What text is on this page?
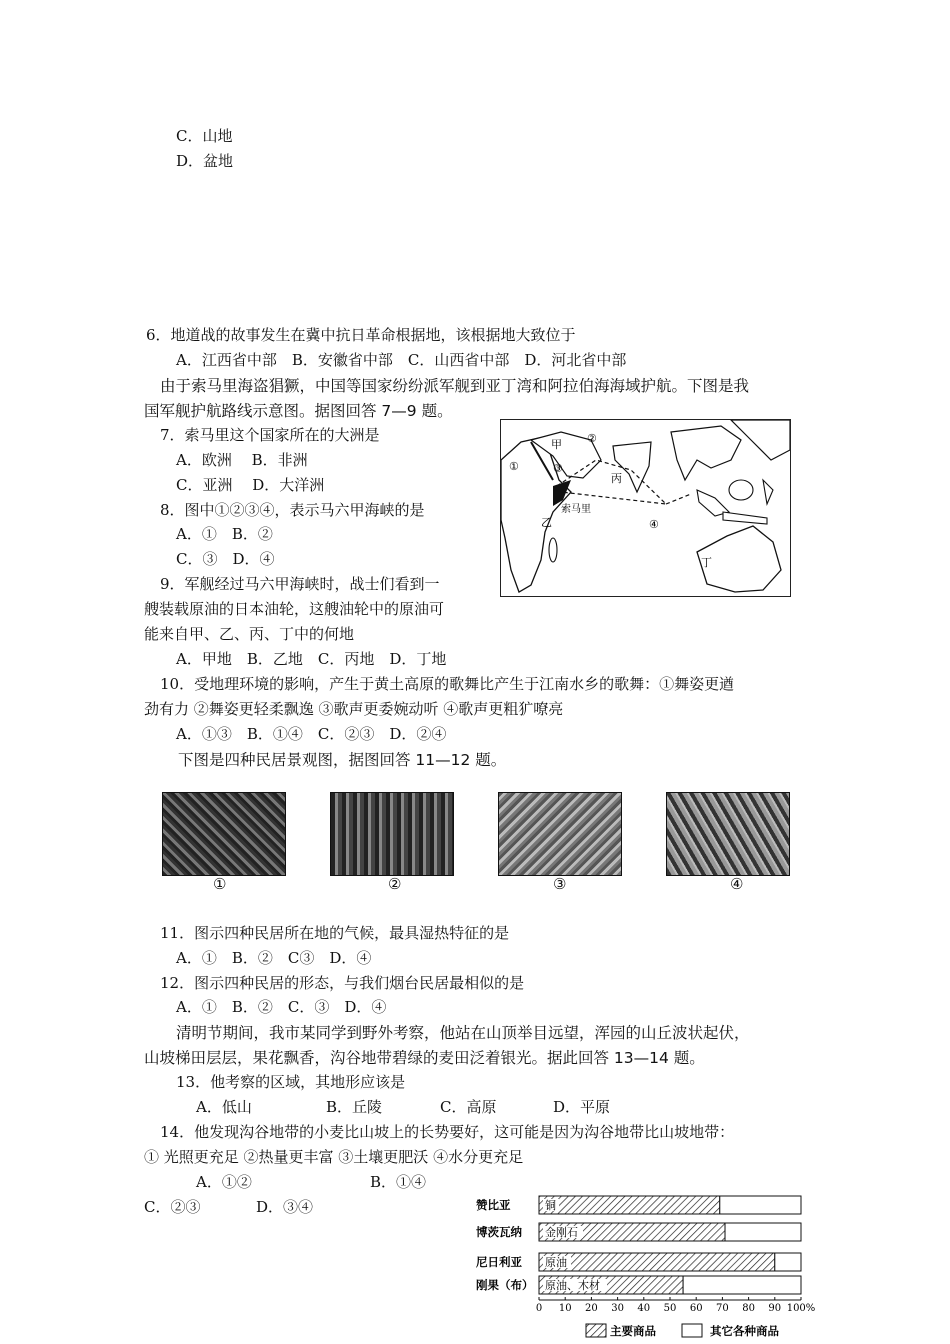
C．山地
D．盆地
6．地道战的故事发生在冀中抗日革命根据地，该根据地大致位于
A．江西省中部　B．安徽省中部　C．山西省中部　D．河北省中部
由于索马里海盗猖獗，中国等国家纷纷派军舰到亚丁湾和阿拉伯海海域护航。下图是我
国军舰护航路线示意图。据图回答 7—9 题。
7．索马里这个国家所在的大洲是
A．欧洲　 B．非洲
C．亚洲　 D．大洋洲
8．图中①②③④，表示马六甲海峡的是
A．①　B．②
C．③　D．④
9．军舰经过马六甲海峡时，战士们看到一
艘装载原油的日本油轮，这艘油轮中的原油可
能来自甲、乙、丙、丁中的何地
A．甲地　B．乙地　C．丙地　D．丁地
甲
索马里
乙
丙
丁
①
②
③
④
10．受地理环境的影响，产生于黄土高原的歌舞比产生于江南水乡的歌舞：①舞姿更遒
劲有力 ②舞姿更轻柔飘逸 ③歌声更委婉动听 ④歌声更粗犷嘹亮
A．①③　B．①④　C．②③　D．②④
下图是四种民居景观图，据图回答 11—12 题。
①	②	③	④
11．图示四种民居所在地的气候，最具湿热特征的是
A．①　B．②　C③　D．④
12．图示四种民居的形态，与我们烟台民居最相似的是
A．①　B．②　C．③　D．④
清明节期间，我市某同学到野外考察，他站在山顶举目远望，浑园的山丘波状起伏，
山坡梯田层层，果花飘香，沟谷地带碧绿的麦田泛着银光。据此回答 13—14 题。
13．他考察的区域，其地形应该是
A．低山	B．丘陵	C．高原	D．平原
14．他发现沟谷地带的小麦比山坡上的长势要好，这可能是因为沟谷地带比山坡地带：
① 光照更充足 ②热量更丰富 ③土壤更肥沃 ④水分更充足
A．①②	B．①④
C．②③	D．③④	赞比亚	铜
博茨瓦纳 金刚石
尼日利亚 原油
刚果（布） 原油、木材
0 10 20 30 40 50 60 70 80 90 100%
主要商品	其它各种商品
